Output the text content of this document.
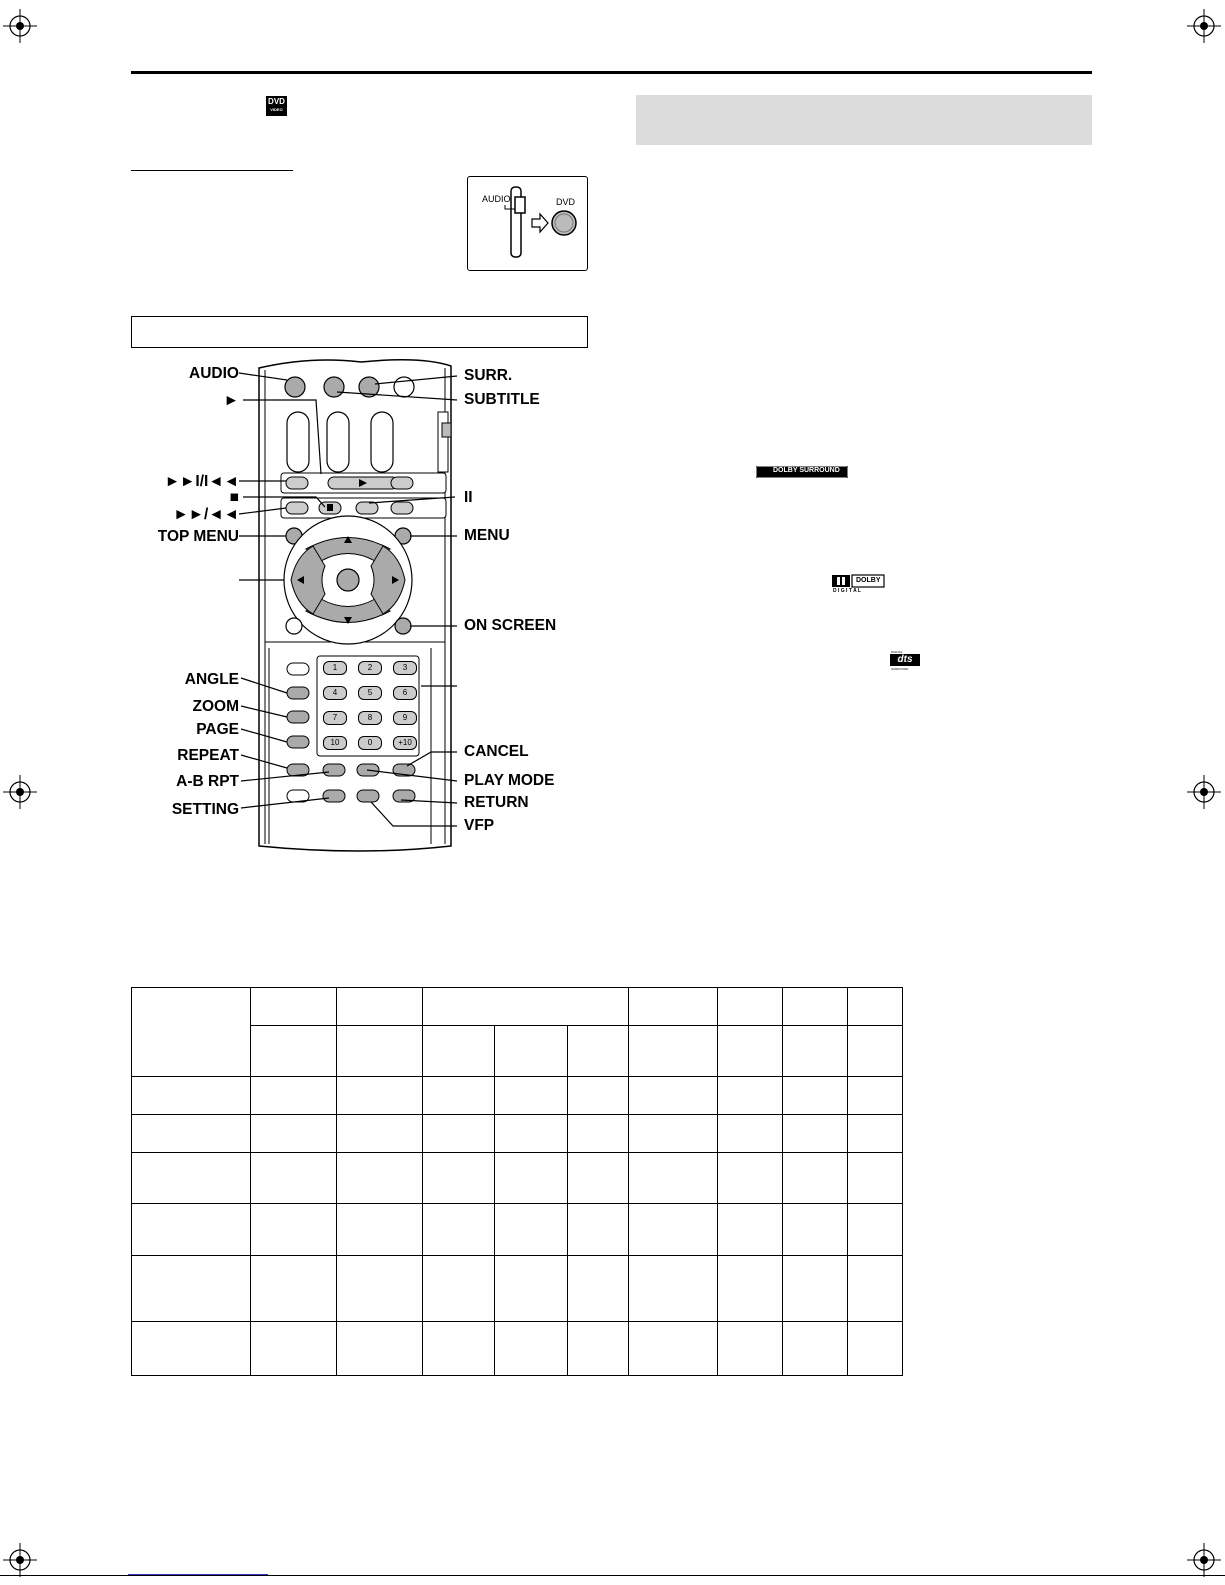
DVD
VIDEO
AUDIO	DVD
1	2	3
4	5	6
7	8	9
10	0	+10
AUDIO
►
►►I/I◄◄
■
►►/◄◄
TOP MENU
ANGLE
ZOOM
PAGE
REPEAT
A-B RPT
SETTING
SURR.
SUBTITLE
II
MENU
ON SCREEN
CANCEL
PLAY MODE
RETURN
VFP
DOLBY SURROUND
DOLBY
D I G I T A L
DIGITAL
dts
SURROUND
